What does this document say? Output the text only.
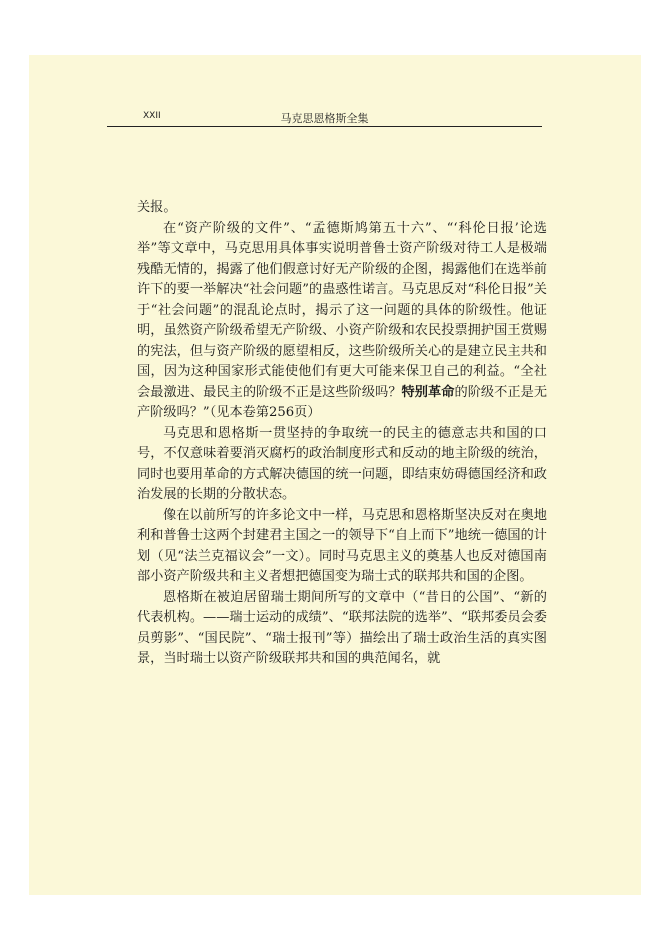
XXII	马克思恩格斯全集

关报。

在“资产阶级的文件”、“孟德斯鸠第五十六”、“‘科伦日报’论选举”等文章中，马克思用具体事实说明普鲁士资产阶级对待工人是极端残酷无情的，揭露了他们假意讨好无产阶级的企图，揭露他们在选举前许下的要一举解决“社会问题”的蛊惑性诺言。马克思反对“科伦日报”关于“社会问题”的混乱论点时，揭示了这一问题的具体的阶级性。他证明，虽然资产阶级希望无产阶级、小资产阶级和农民投票拥护国王赏赐的宪法，但与资产阶级的愿望相反，这些阶级所关心的是建立民主共和国，因为这种国家形式能使他们有更大可能来保卫自己的利益。“全社会最激进、最民主的阶级不正是这些阶级吗？特别革命的阶级不正是无产阶级吗？”（见本卷第256页）

马克思和恩格斯一贯坚持的争取统一的民主的德意志共和国的口号，不仅意味着要消灭腐朽的政治制度形式和反动的地主阶级的统治，同时也要用革命的方式解决德国的统一问题，即结束妨碍德国经济和政治发展的长期的分散状态。

像在以前所写的许多论文中一样，马克思和恩格斯坚决反对在奥地利和普鲁士这两个封建君主国之一的领导下“自上而下”地统一德国的计划（见“法兰克福议会”一文）。同时马克思主义的奠基人也反对德国南部小资产阶级共和主义者想把德国变为瑞士式的联邦共和国的企图。

恩格斯在被迫居留瑞士期间所写的文章中（“昔日的公国”、“新的代表机构。——瑞士运动的成绩”、“联邦法院的选举”、“联邦委员会委员剪影”、“国民院”、“瑞士报刊”等）描绘出了瑞士政治生活的真实图景，当时瑞士以资产阶级联邦共和国的典范闻名，就
